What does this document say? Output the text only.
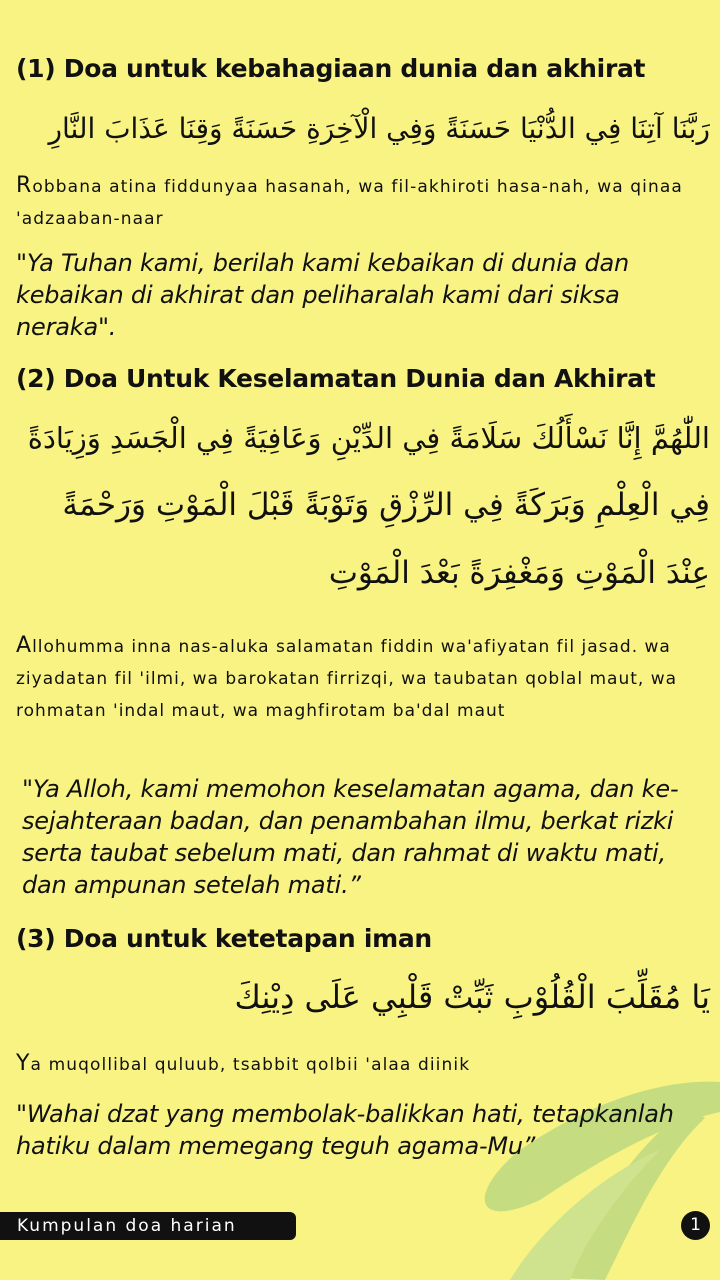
(1) Doa untuk kebahagiaan dunia dan akhirat

رَبَّنَا آتِنَا فِي الدُّنْيَا حَسَنَةً وَفِي الْآخِرَةِ حَسَنَةً وَقِنَا عَذَابَ النَّارِ

Robbana atina fiddunyaa hasanah, wa fil-akhiroti hasa-nah, wa qinaa 'adzaaban-naar

"Ya Tuhan kami, berilah kami kebaikan di dunia dan kebaikan di akhirat dan peliharalah kami dari siksa neraka".

(2) Doa Untuk Keselamatan Dunia dan Akhirat

اللّٰهُمَّ إِنَّا نَسْأَلُكَ سَلَامَةً فِي الدِّيْنِ وَعَافِيَةً فِي الْجَسَدِ وَزِيَادَةً

فِي الْعِلْمِ وَبَرَكَةً فِي الرِّزْقِ وَتَوْبَةً قَبْلَ الْمَوْتِ وَرَحْمَةً

عِنْدَ الْمَوْتِ وَمَغْفِرَةً بَعْدَ الْمَوْتِ

Allohumma inna nas-aluka salamatan fiddin wa'afiyatan fil jasad. wa ziyadatan fil 'ilmi, wa barokatan firrizqi, wa taubatan qoblal maut, wa rohmatan 'indal maut, wa maghfirotam ba'dal maut

"Ya Alloh, kami memohon keselamatan agama, dan ke-sejahteraan badan, dan penambahan ilmu, berkat rizki serta taubat sebelum mati, dan rahmat di waktu mati, dan ampunan setelah mati.”

(3) Doa untuk ketetapan iman

يَا مُقَلِّبَ الْقُلُوْبِ ثَبِّتْ قَلْبِي عَلَى دِيْنِكَ

Ya muqollibal quluub, tsabbit qolbii 'alaa diinik

"Wahai dzat yang membolak-balikkan hati, tetapkanlah hatiku dalam memegang teguh agama-Mu”

Kumpulan doa harian	1
